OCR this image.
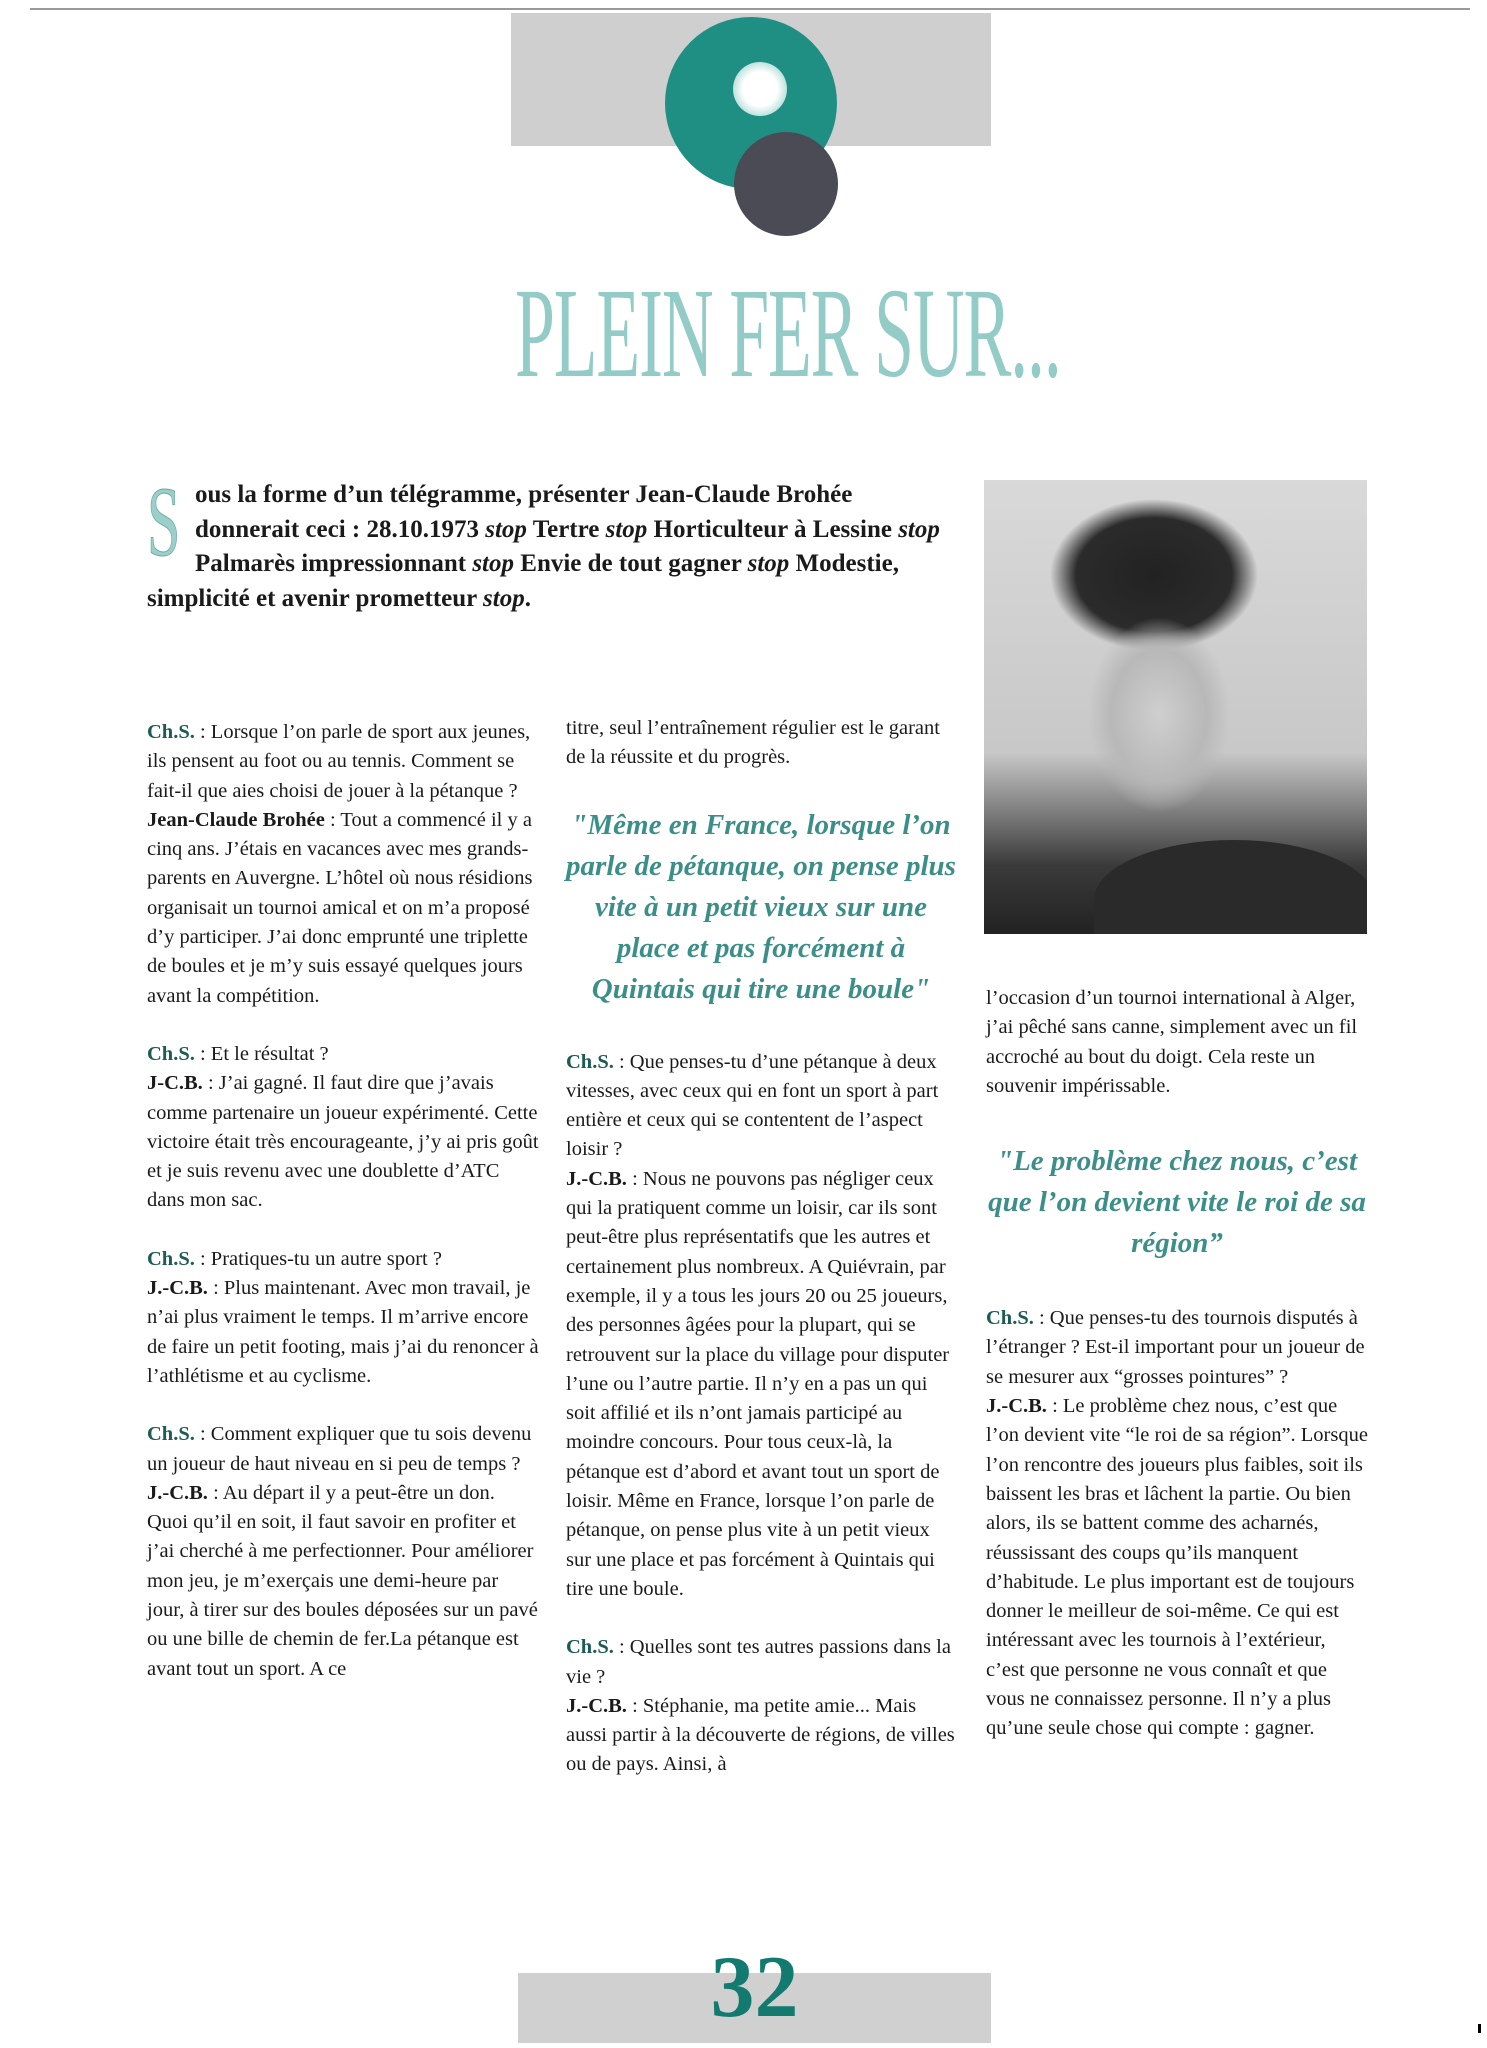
PLEIN FER SUR...
S ous la forme d’un télégramme, présenter Jean-Claude Brohée donnerait ceci : 28.10.1973 stop Tertre stop Horticulteur à Lessine stop Palmarès impressionnant stop Envie de tout gagner stop Modestie, simplicité et avenir prometteur stop.

Ch.S. : Lorsque l’on parle de sport aux jeunes, ils pensent au foot ou au tennis. Comment se fait-il que aies choisi de jouer à la pétanque ?
Jean-Claude Brohée : Tout a commencé il y a cinq ans. J’étais en vacances avec mes grands-parents en Auvergne. L’hôtel où nous résidions organisait un tournoi amical et on m’a proposé d’y participer. J’ai donc emprunté une triplette de boules et je m’y suis essayé quelques jours avant la compétition.

Ch.S. : Et le résultat ?
J-C.B. : J’ai gagné. Il faut dire que j’avais comme partenaire un joueur expérimenté. Cette victoire était très encourageante, j’y ai pris goût et je suis revenu avec une doublette d’ATC dans mon sac.

Ch.S. : Pratiques-tu un autre sport ?
J.-C.B. : Plus maintenant. Avec mon travail, je n’ai plus vraiment le temps. Il m’arrive encore de faire un petit footing, mais j’ai du renoncer à l’athlétisme et au cyclisme.

Ch.S. : Comment expliquer que tu sois devenu un joueur de haut niveau en si peu de temps ?
J.-C.B. : Au départ il y a peut-être un don. Quoi qu’il en soit, il faut savoir en profiter et j’ai cherché à me perfectionner. Pour améliorer mon jeu, je m’exerçais une demi-heure par jour, à tirer sur des boules déposées sur un pavé ou une bille de chemin de fer.La pétanque est avant tout un sport. A ce

titre, seul l’entraînement régulier est le garant de la réussite et du progrès.

"Même en France, lorsque l’on parle de pétanque, on pense plus vite à un petit vieux sur une place et pas forcément à Quintais qui tire une boule"

Ch.S. : Que penses-tu d’une pétanque à deux vitesses, avec ceux qui en font un sport à part entière et ceux qui se contentent de l’aspect loisir ?
J.-C.B. : Nous ne pouvons pas négliger ceux qui la pratiquent comme un loisir, car ils sont peut-être plus représentatifs que les autres et certainement plus nombreux. A Quiévrain, par exemple, il y a tous les jours 20 ou 25 joueurs, des personnes âgées pour la plupart, qui se retrouvent sur la place du village pour disputer l’une ou l’autre partie. Il n’y en a pas un qui soit affilié et ils n’ont jamais participé au moindre concours. Pour tous ceux-là, la pétanque est d’abord et avant tout un sport de loisir. Même en France, lorsque l’on parle de pétanque, on pense plus vite à un petit vieux sur une place et pas forcément à Quintais qui tire une boule.

Ch.S. : Quelles sont tes autres passions dans la vie ?
J.-C.B. : Stéphanie, ma petite amie... Mais aussi partir à la découverte de régions, de villes ou de pays. Ainsi, à

l’occasion d’un tournoi international à Alger, j’ai pêché sans canne, simplement avec un fil accroché au bout du doigt. Cela reste un souvenir impérissable.

"Le problème chez nous, c’est que l’on devient vite le roi de sa région”

Ch.S. : Que penses-tu des tournois disputés à l’étranger ? Est-il important pour un joueur de se mesurer aux “grosses pointures” ?
J.-C.B. : Le problème chez nous, c’est que l’on devient vite “le roi de sa région”. Lorsque l’on rencontre des joueurs plus faibles, soit ils baissent les bras et lâchent la partie. Ou bien alors, ils se battent comme des acharnés, réussissant des coups qu’ils manquent d’habitude. Le plus important est de toujours donner le meilleur de soi-même. Ce qui est intéressant avec les tournois à l’extérieur, c’est que personne ne vous connaît et que vous ne connaissez personne. Il n’y a plus qu’une seule chose qui compte : gagner.

32
